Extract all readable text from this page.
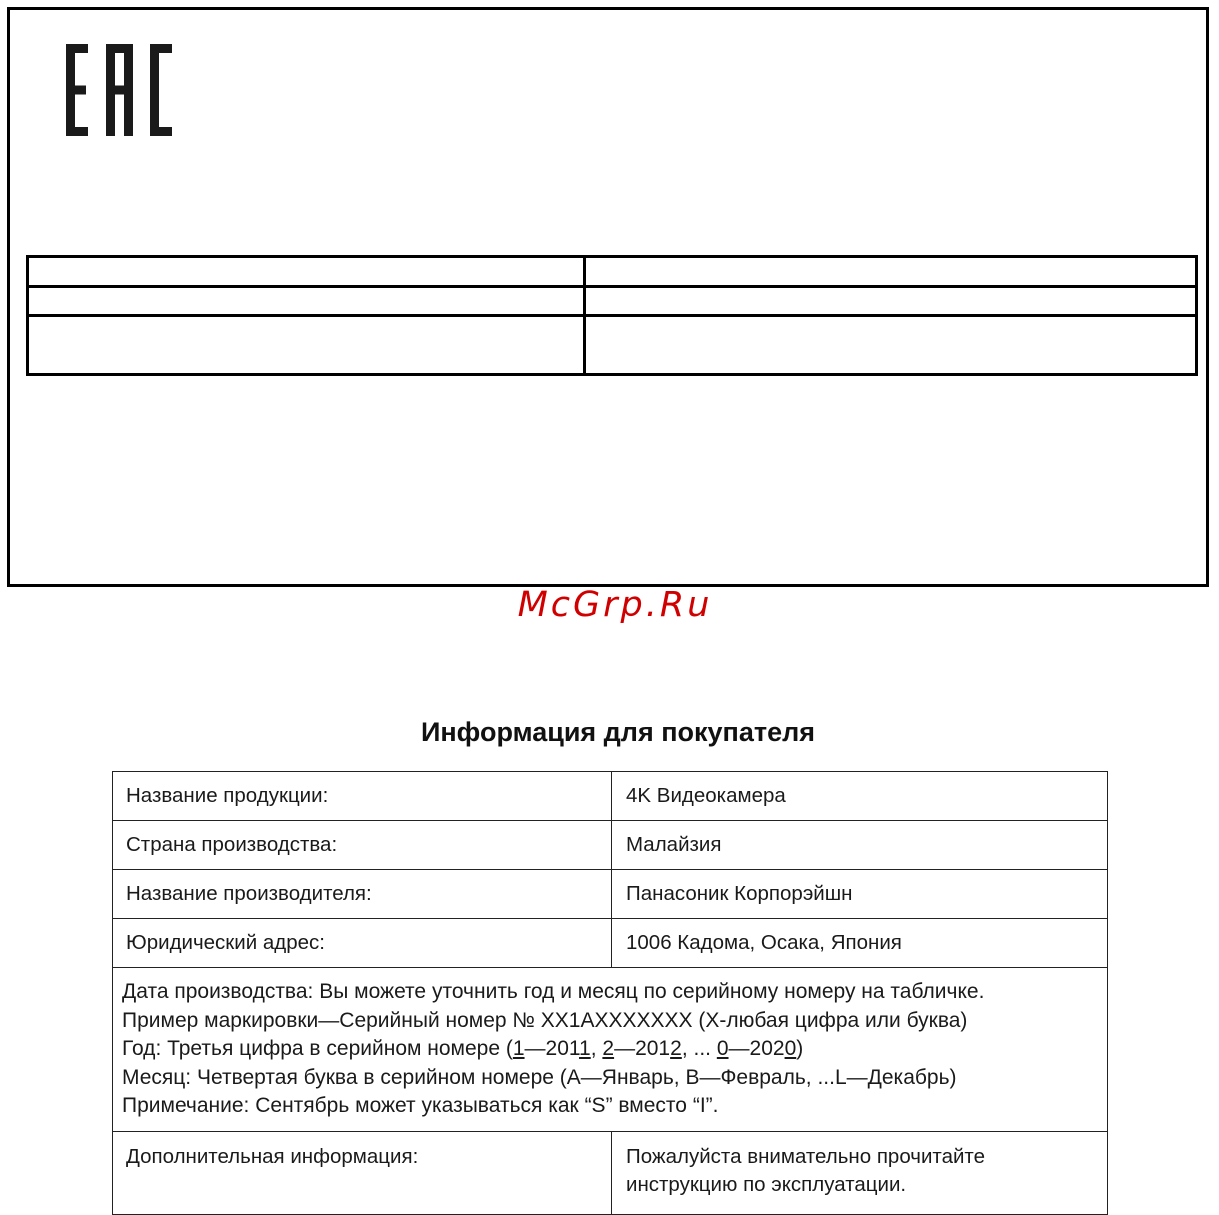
McGrp.Ru
Информация для покупателя
Название продукции:	4K Видеокамера
Страна производства:	Малайзия
Название производителя:	Панасоник Корпорэйшн
Юридический адрес:	1006 Кадома, Осака, Япония

Дата производства: Вы можете уточнить год и месяц по серийному номеру на табличке.
Пример маркировки—Серийный номер № XX1AXXXXXXX (X-любая цифра или буква)
Год: Третья цифра в серийном номере (1—2011, 2—2012, ... 0—2020)
Месяц: Четвертая буква в серийном номере (A—Январь, B—Февраль, ...L—Декабрь)
Примечание: Сентябрь может указываться как “S” вместо “I”.	

Дополнительная информация:	Пожалуйста внимательно прочитайте
инструкцию по эксплуатации.
